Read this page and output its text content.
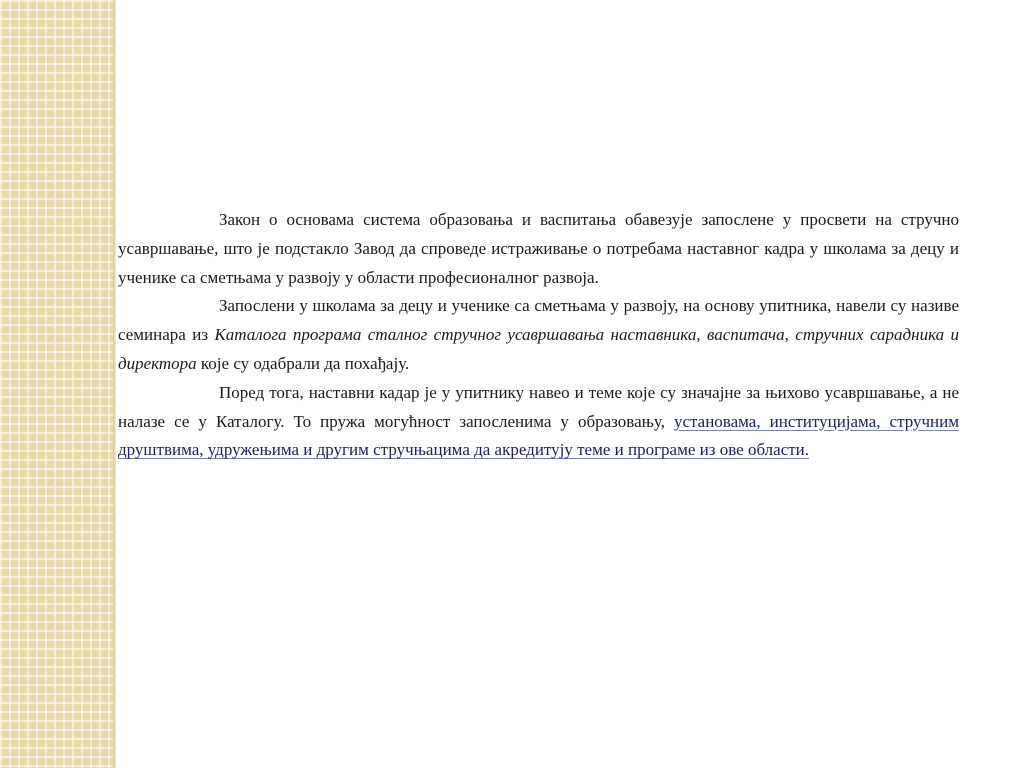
Закон о основама система образовања и васпитања обавезује запослене у просвети на стручно усавршавање, што је подстакло Завод да спроведе истраживање о потребама наставног кадра у школама за децу и ученике са сметњама у развоју у области професионалног развоја.

Запослени у школама за децу и ученике са сметњама у развоју, на основу упитника, навели су називе семинара из Каталога програма сталног стручног усавршавања наставника, васпитача, стручних сарадника и директора које су одабрали да похађају.

Поред тога, наставни кадар је у упитнику навео и теме које су значајне за њихово усавршавање, а не налазе се у Каталогу. То пружа могућност запосленима у образовању, установама, институцијама, стручним друштвима, удружењима и другим стручњацима да акредитују теме и програме из ове области.
